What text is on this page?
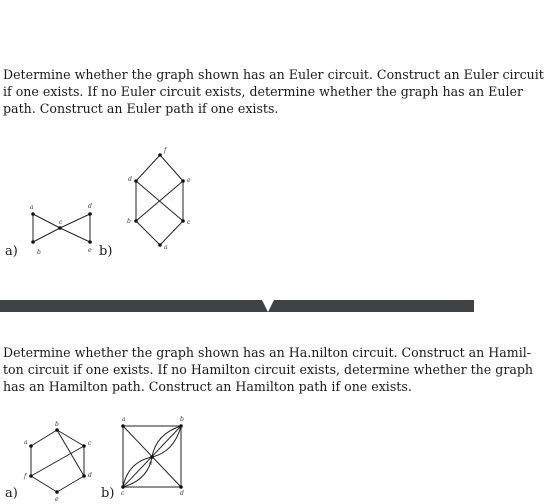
Determine whether the graph shown has an Euler circuit. Construct an Euler circuit
if one exists. If no Euler circuit exists, determine whether the graph has an Euler
path. Construct an Euler path if one exists.
a)	b)
a
b
c
d
e	a
b	c
d	e
f
Determine whether the graph shown has an Ha.nilton circuit. Construct an Hamil-
ton circuit if one exists. If no Hamilton circuit exists, determine whether the graph
has an Hamilton path. Construct an Hamilton path if one exists.
a)	b)
a
b
c
d
e
f
a	b
c	d
e
